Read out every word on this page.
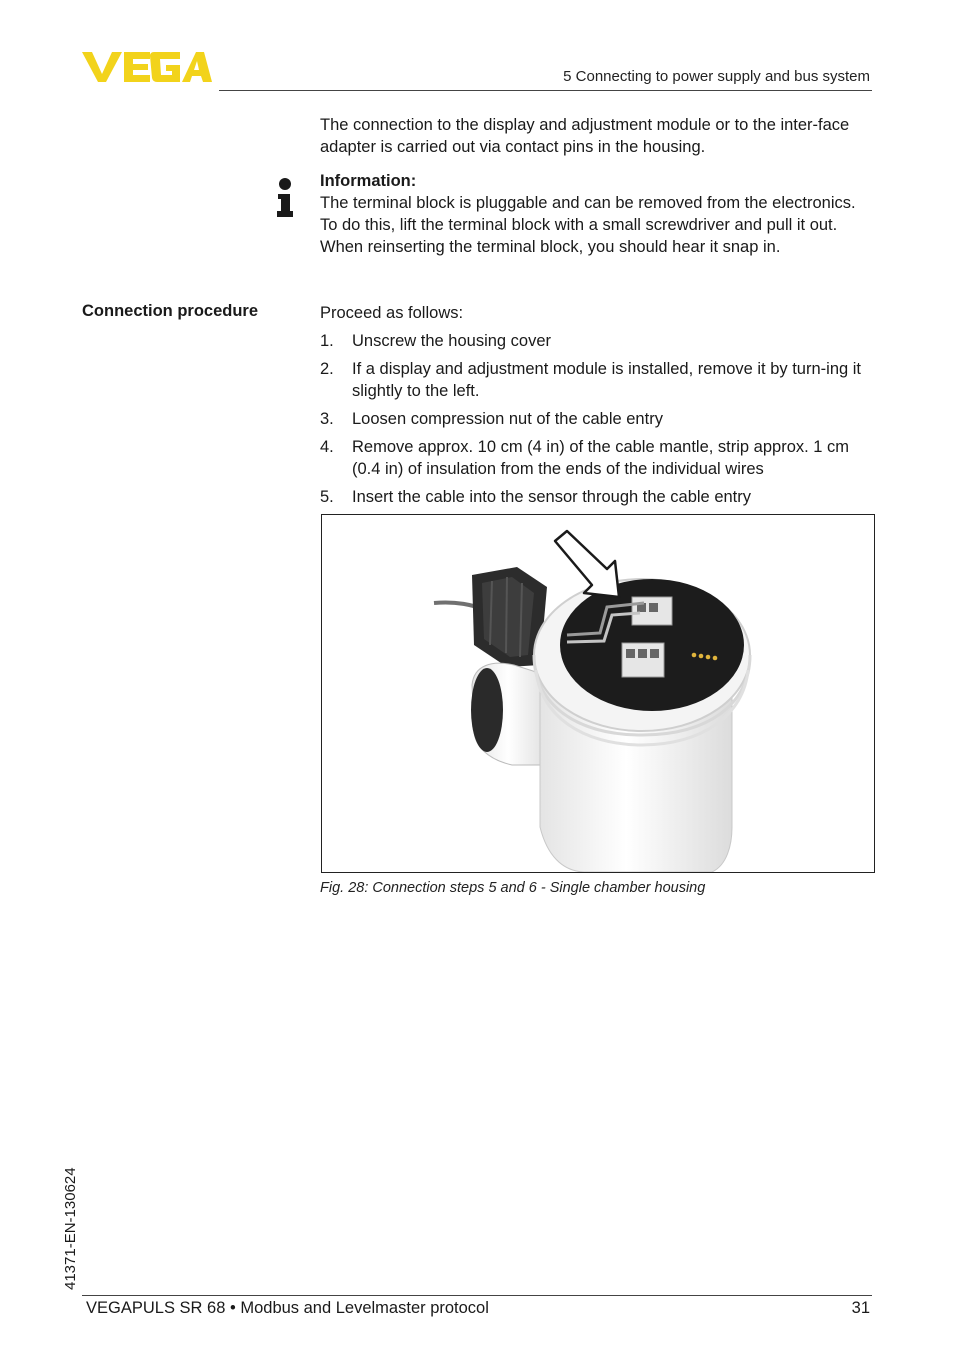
5 Connecting to power supply and bus system
The connection to the display and adjustment module or to the inter-face adapter is carried out via contact pins in the housing.
Information:
The terminal block is pluggable and can be removed from the electronics. To do this, lift the terminal block with a small screwdriver and pull it out. When reinserting the terminal block, you should hear it snap in.
Connection procedure	Proceed as follows:
1.	Unscrew the housing cover
2.	If a display and adjustment module is installed, remove it by turn-ing it slightly to the left.
3.	Loosen compression nut of the cable entry
4.	Remove approx. 10 cm (4 in) of the cable mantle, strip approx. 1 cm (0.4 in) of insulation from the ends of the individual wires
5.	Insert the cable into the sensor through the cable entry
Fig. 28: Connection steps 5 and 6 - Single chamber housing
41371-EN-130624
VEGAPULS SR 68 • Modbus and Levelmaster protocol	31
